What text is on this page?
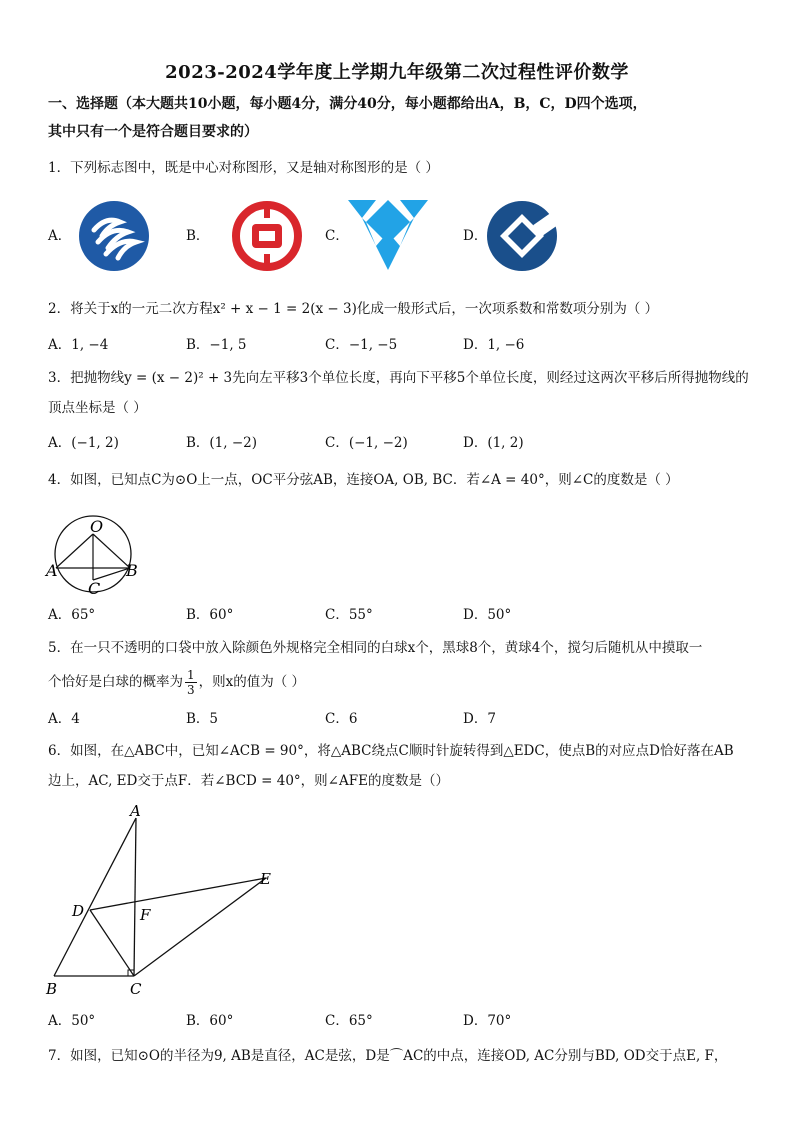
2023-2024学年度上学期九年级第二次过程性评价数学
一、选择题（本大题共10小题，每小题4分，满分40分，每小题都给出A，B，C，D四个选项，
其中只有一个是符合题目要求的）
1．下列标志图中，既是中心对称图形，又是轴对称图形的是（ ）
A．	B．	C．	D．
2．将关于x的一元二次方程x² + x − 1 = 2(x − 3)化成一般形式后，一次项系数和常数项分别为（ ）
A．1, −4	B．−1, 5	C．−1, −5	D．1, −6
3．把抛物线y = (x − 2)² + 3先向左平移3个单位长度，再向下平移5个单位长度，则经过这两次平移后所得抛物线的
顶点坐标是（ ）
A．(−1, 2)	B．(1, −2)	C．(−1, −2)	D．(1, 2)
4．如图，已知点C为⊙O上一点，OC平分弦AB，连接OA, OB, BC．若∠A = 40°，则∠C的度数是（ ）
O
A
C
B
A．65°	B．60°	C．55°	D．50°
5．在一只不透明的口袋中放入除颜色外规格完全相同的白球x个，黑球8个，黄球4个，搅匀后随机从中摸取一
个恰好是白球的概率为 $\frac{1}{3}$ ，则x的值为（ ）
A．4	B．5	C．6	D．7
6．如图，在△ABC中，已知∠ACB = 90°，将△ABC绕点C顺时针旋转得到△EDC，使点B的对应点D恰好落在AB
边上，AC, ED交于点F．若∠BCD = 40°，则∠AFE的度数是（）
A
E
D	F
B	C
A．50°	B．60°	C．65°	D．70°
7．如图，已知⊙O的半径为9, AB是直径，AC是弦，D是⌒AC的中点，连接OD, AC分别与BD, OD交于点E, F，
